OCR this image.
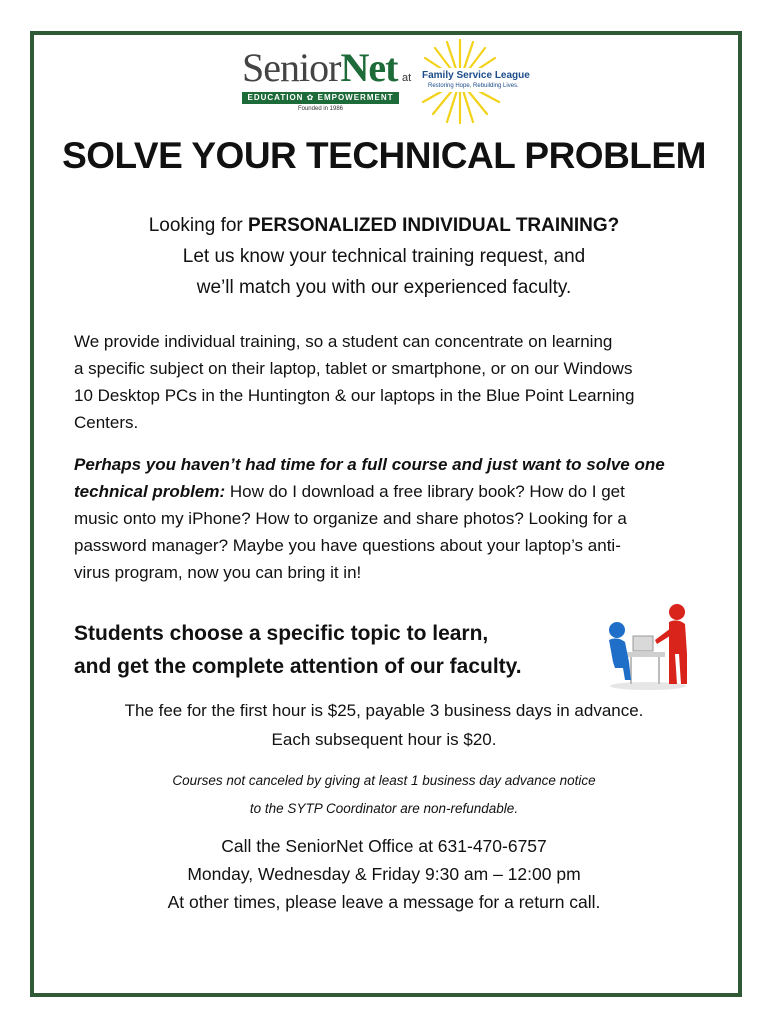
SeniorNet
EDUCATION ✿ EMPOWERMENT
Founded in 1986
at Family Service League
Restoring Hope, Rebuilding Lives.
SOLVE YOUR TECHNICAL PROBLEM
Looking for PERSONALIZED INDIVIDUAL TRAINING?
Let us know your technical training request, and
we’ll match you with our experienced faculty.
We provide individual training, so a student can concentrate on learning
a specific subject on their laptop, tablet or smartphone, or on our Windows
10 Desktop PCs in the Huntington & our laptops in the Blue Point Learning
Centers.
Perhaps you haven’t had time for a full course and just want to solve one
technical problem: How do I download a free library book? How do I get
music onto my iPhone? How to organize and share photos? Looking for a
password manager? Maybe you have questions about your laptop’s anti-
virus program, now you can bring it in!
Students choose a specific topic to learn,
and get the complete attention of our faculty.
The fee for the first hour is $25, payable 3 business days in advance.
Each subsequent hour is $20.
Courses not canceled by giving at least 1 business day advance notice
to the SYTP Coordinator are non-refundable.
Call the SeniorNet Office at 631-470-6757
Monday, Wednesday & Friday 9:30 am – 12:00 pm
At other times, please leave a message for a return call.
